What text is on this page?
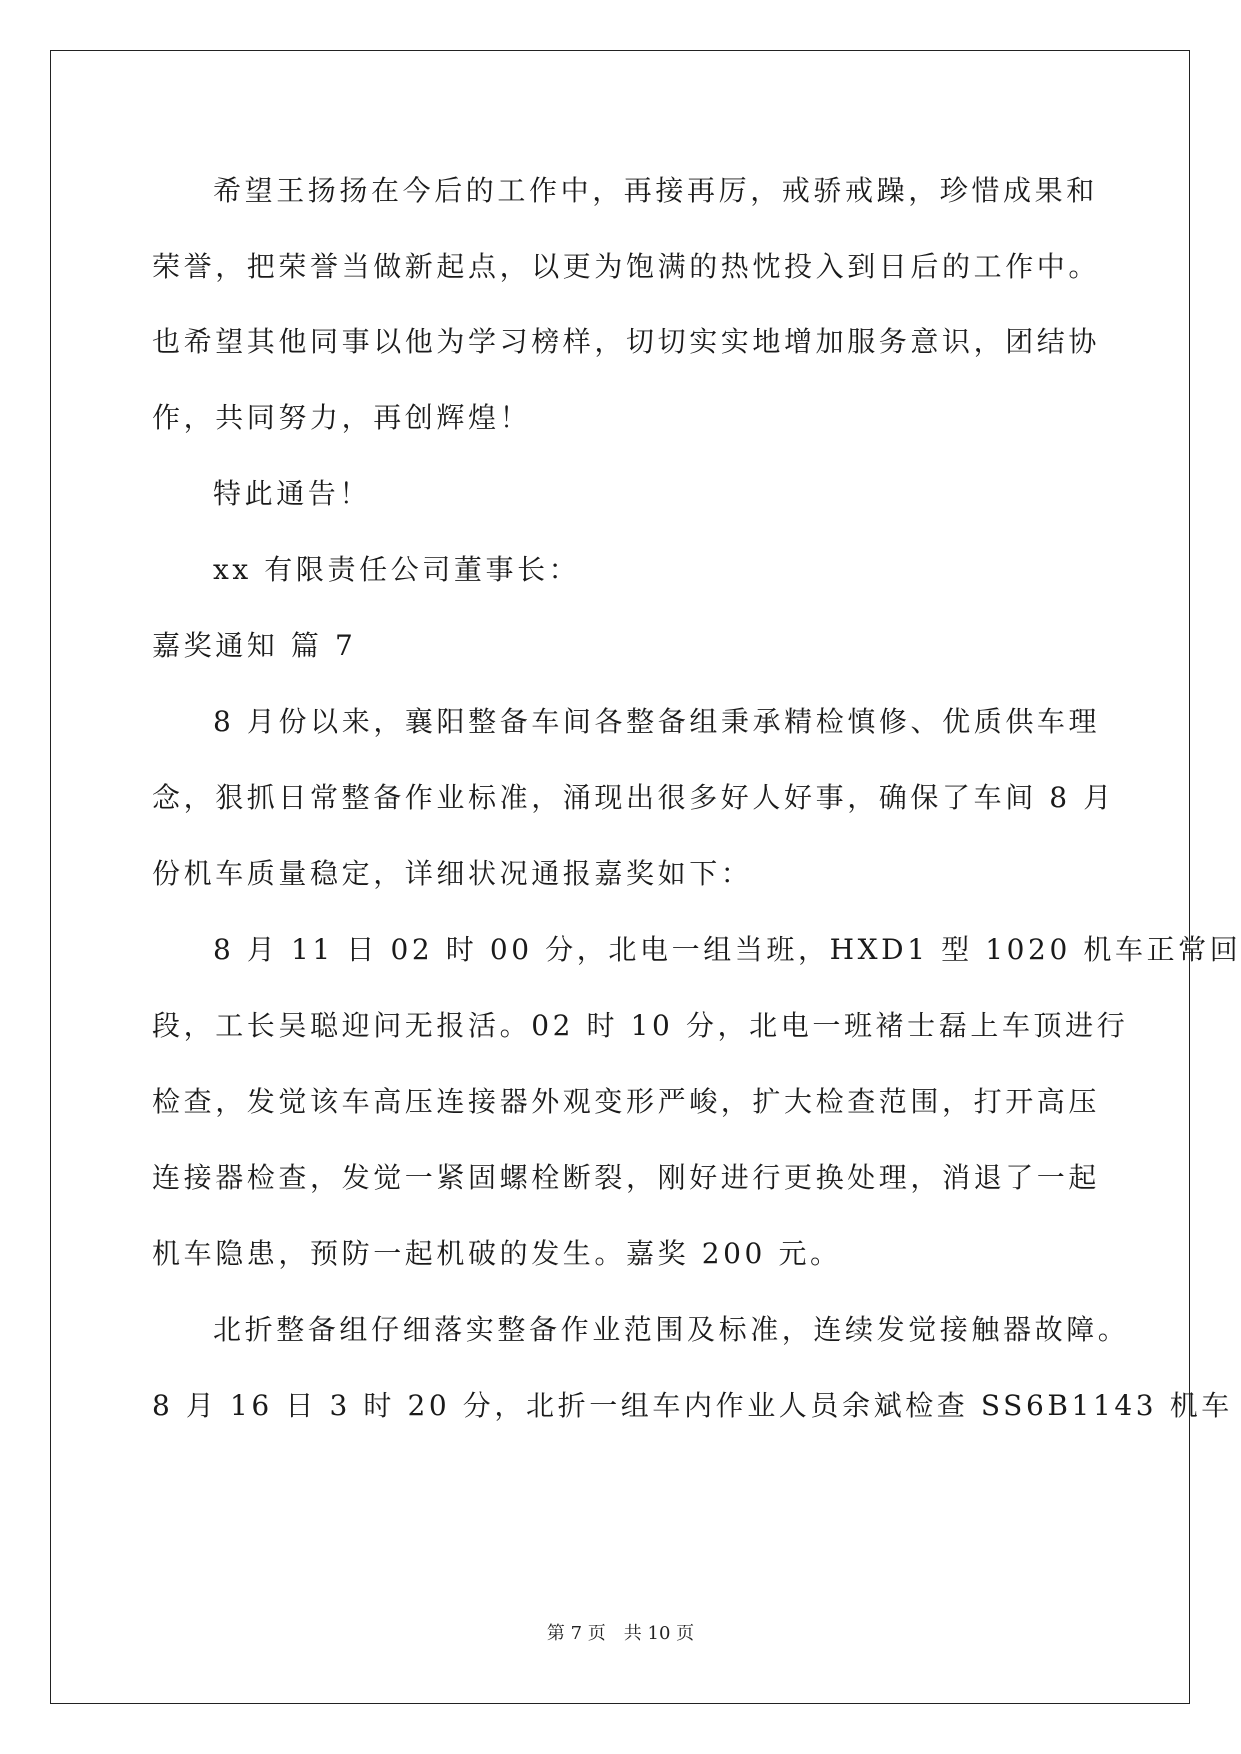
希望王扬扬在今后的工作中，再接再厉，戒骄戒躁，珍惜成果和
荣誉，把荣誉当做新起点，以更为饱满的热忱投入到日后的工作中。
也希望其他同事以他为学习榜样，切切实实地增加服务意识，团结协
作，共同努力，再创辉煌！
特此通告！
xx 有限责任公司董事长：
嘉奖通知 篇 7
8 月份以来，襄阳整备车间各整备组秉承精检慎修、优质供车理
念，狠抓日常整备作业标准，涌现出很多好人好事，确保了车间 8 月
份机车质量稳定，详细状况通报嘉奖如下：
8 月 11 日 02 时 00 分，北电一组当班，HXD1 型 1020 机车正常回
段，工长吴聪迎问无报活。02 时 10 分，北电一班褚士磊上车顶进行
检查，发觉该车高压连接器外观变形严峻，扩大检查范围，打开高压
连接器检查，发觉一紧固螺栓断裂，刚好进行更换处理，消退了一起
机车隐患，预防一起机破的发生。嘉奖 200 元。
北折整备组仔细落实整备作业范围及标准，连续发觉接触器故障。
8 月 16 日 3 时 20 分，北折一组车内作业人员余斌检查 SS6B1143 机车
第 7 页 共 10 页
